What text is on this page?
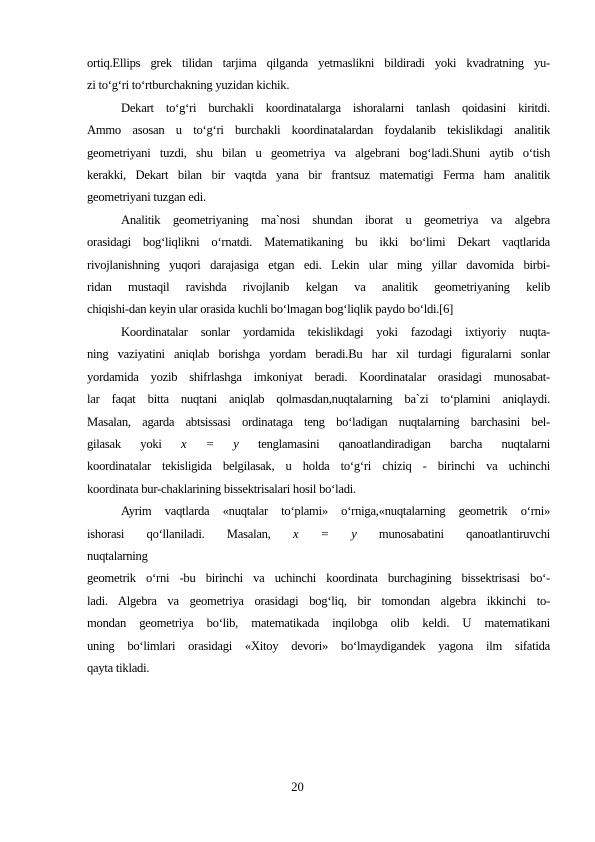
ortiq.Ellips grek tilidan tarjima qilganda yetmaslikni bildiradi yoki kvadratning yu-
zi to‘g‘ri to‘rtburchakning yuzidan kichik.
Dekart to‘g‘ri burchakli koordinatalarga ishoralarni tanlash qoidasini kiritdi.
Ammo asosan u to‘g‘ri burchakli koordinatalardan foydalanib tekislikdagi analitik
geometriyani tuzdi, shu bilan u geometriya va algebrani bog‘ladi.Shuni aytib o‘tish
kerakki, Dekart bilan bir vaqtda yana bir frantsuz matematigi Ferma ham analitik
geometriyani tuzgan edi.
Analitik geometriyaning ma`nosi shundan iborat u geometriya va algebra
orasidagi bog‘liqlikni o‘rnatdi. Matematikaning bu ikki bo‘limi Dekart vaqtlarida
rivojlanishning yuqori darajasiga etgan edi. Lekin ular ming yillar davomida birbi-
ridan mustaqil ravishda rivojlanib kelgan va analitik geometriyaning kelib
chiqishi-dan keyin ular orasida kuchli bo‘lmagan bog‘liqlik paydo bo‘ldi.[6]
Koordinatalar sonlar yordamida tekislikdagi yoki fazodagi ixtiyoriy nuqta-
ning vaziyatini aniqlab borishga yordam beradi.Bu har xil turdagi figuralarni sonlar
yordamida yozib shifrlashga imkoniyat beradi. Koordinatalar orasidagi munosabat-
lar faqat bitta nuqtani aniqlab qolmasdan,nuqtalarning ba`zi to‘plamini aniqlaydi.
Masalan, agarda abtsissasi ordinataga teng bo‘ladigan nuqtalarning barchasini bel-
gilasak yoki x = y tenglamasini qanoatlandiradigan barcha nuqtalarni
koordinatalar tekisligida belgilasak, u holda to‘g‘ri chiziq - birinchi va uchinchi
koordinata bur-chaklarining bissektrisalari hosil bo‘ladi.
Ayrim vaqtlarda «nuqtalar to‘plami» o‘rniga,«nuqtalarning geometrik o‘rni»
ishorasi qo‘llaniladi. Masalan, x = y munosabatini qanoatlantiruvchi
nuqtalarning
geometrik o‘rni -bu birinchi va uchinchi koordinata burchagining bissektrisasi bo‘-
ladi. Algebra va geometriya orasidagi bog‘liq, bir tomondan algebra ikkinchi to-
mondan geometriya bo‘lib, matematikada inqilobga olib keldi. U matematikani
uning bo‘limlari orasidagi «Xitoy devori» bo‘lmaydigandek yagona ilm sifatida
qayta tikladi.
20
